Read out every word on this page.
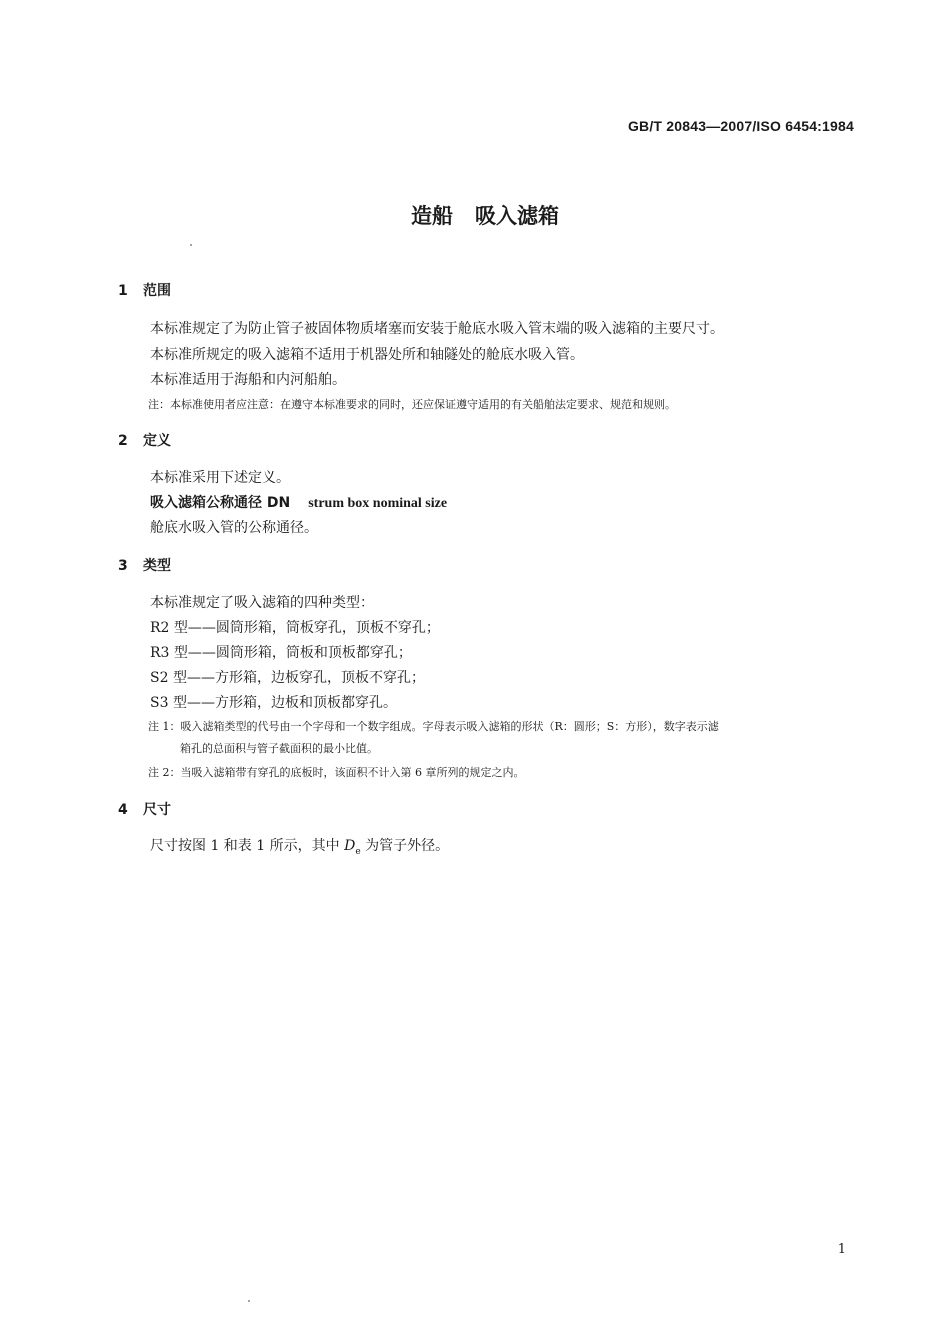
GB/T 20843—2007/ISO 6454:1984
造船 吸入滤箱
1 范围
本标准规定了为防止管子被固体物质堵塞而安装于舱底水吸入管末端的吸入滤箱的主要尺寸。
本标准所规定的吸入滤箱不适用于机器处所和轴隧处的舱底水吸入管。
本标准适用于海船和内河船舶。
注：本标准使用者应注意：在遵守本标准要求的同时，还应保证遵守适用的有关船舶法定要求、规范和规则。
2 定义
本标准采用下述定义。
吸入滤箱公称通径 DN strum box nominal size
舱底水吸入管的公称通径。
3 类型
本标准规定了吸入滤箱的四种类型：
R2 型——圆筒形箱，筒板穿孔，顶板不穿孔；
R3 型——圆筒形箱，筒板和顶板都穿孔；
S2 型——方形箱，边板穿孔，顶板不穿孔；
S3 型——方形箱，边板和顶板都穿孔。
注 1：吸入滤箱类型的代号由一个字母和一个数字组成。字母表示吸入滤箱的形状（R：圆形；S：方形），数字表示滤
箱孔的总面积与管子截面积的最小比值。
注 2：当吸入滤箱带有穿孔的底板时，该面积不计入第 6 章所列的规定之内。
4 尺寸
尺寸按图 1 和表 1 所示，其中 $D_e$ 为管子外径。
1
